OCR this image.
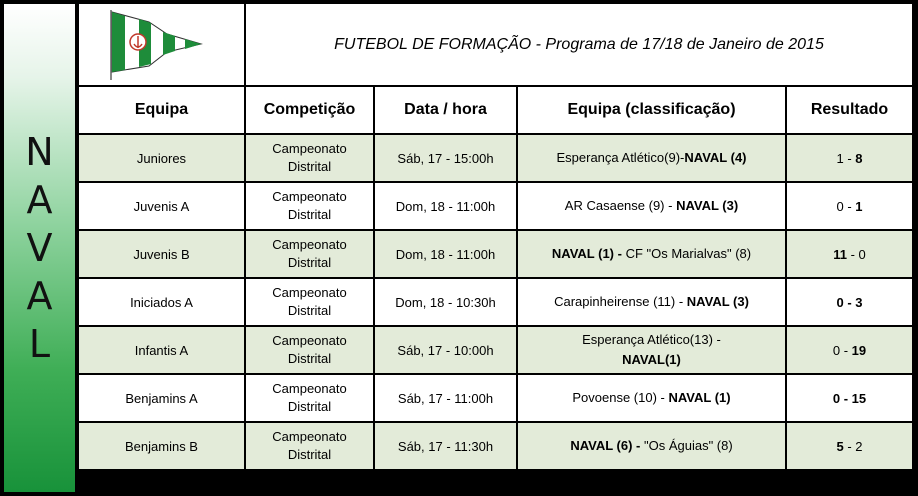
N
A
V
A
L
FUTEBOL DE FORMAÇÃO - Programa de 17/18 de Janeiro de 2015
Equipa	Competição	Data / hora	Equipa (classificação)	Resultado
Juniores	Campeonato
Distrital	Sáb, 17 - 15:00h	Esperança Atlético(9)-NAVAL (4)	1 - 8
Juvenis A	Campeonato
Distrital	Dom, 18 - 11:00h	AR Casaense (9) - NAVAL (3)	0 - 1
Juvenis B	Campeonato
Distrital	Dom, 18 - 11:00h	NAVAL (1) - CF "Os Marialvas" (8)	11 - 0
Iniciados A	Campeonato
Distrital	Dom, 18 - 10:30h	Carapinheirense (11) - NAVAL (3)	0 - 3
Infantis A	Campeonato
Distrital	Sáb, 17 - 10:00h	Esperança Atlético(13) -
NAVAL(1)	0 - 19
Benjamins A	Campeonato
Distrital	Sáb, 17 - 11:00h	Povoense (10) - NAVAL (1)	0 - 15
Benjamins B	Campeonato
Distrital	Sáb, 17 - 11:30h	NAVAL (6) - "Os Águias" (8)	5 - 2
